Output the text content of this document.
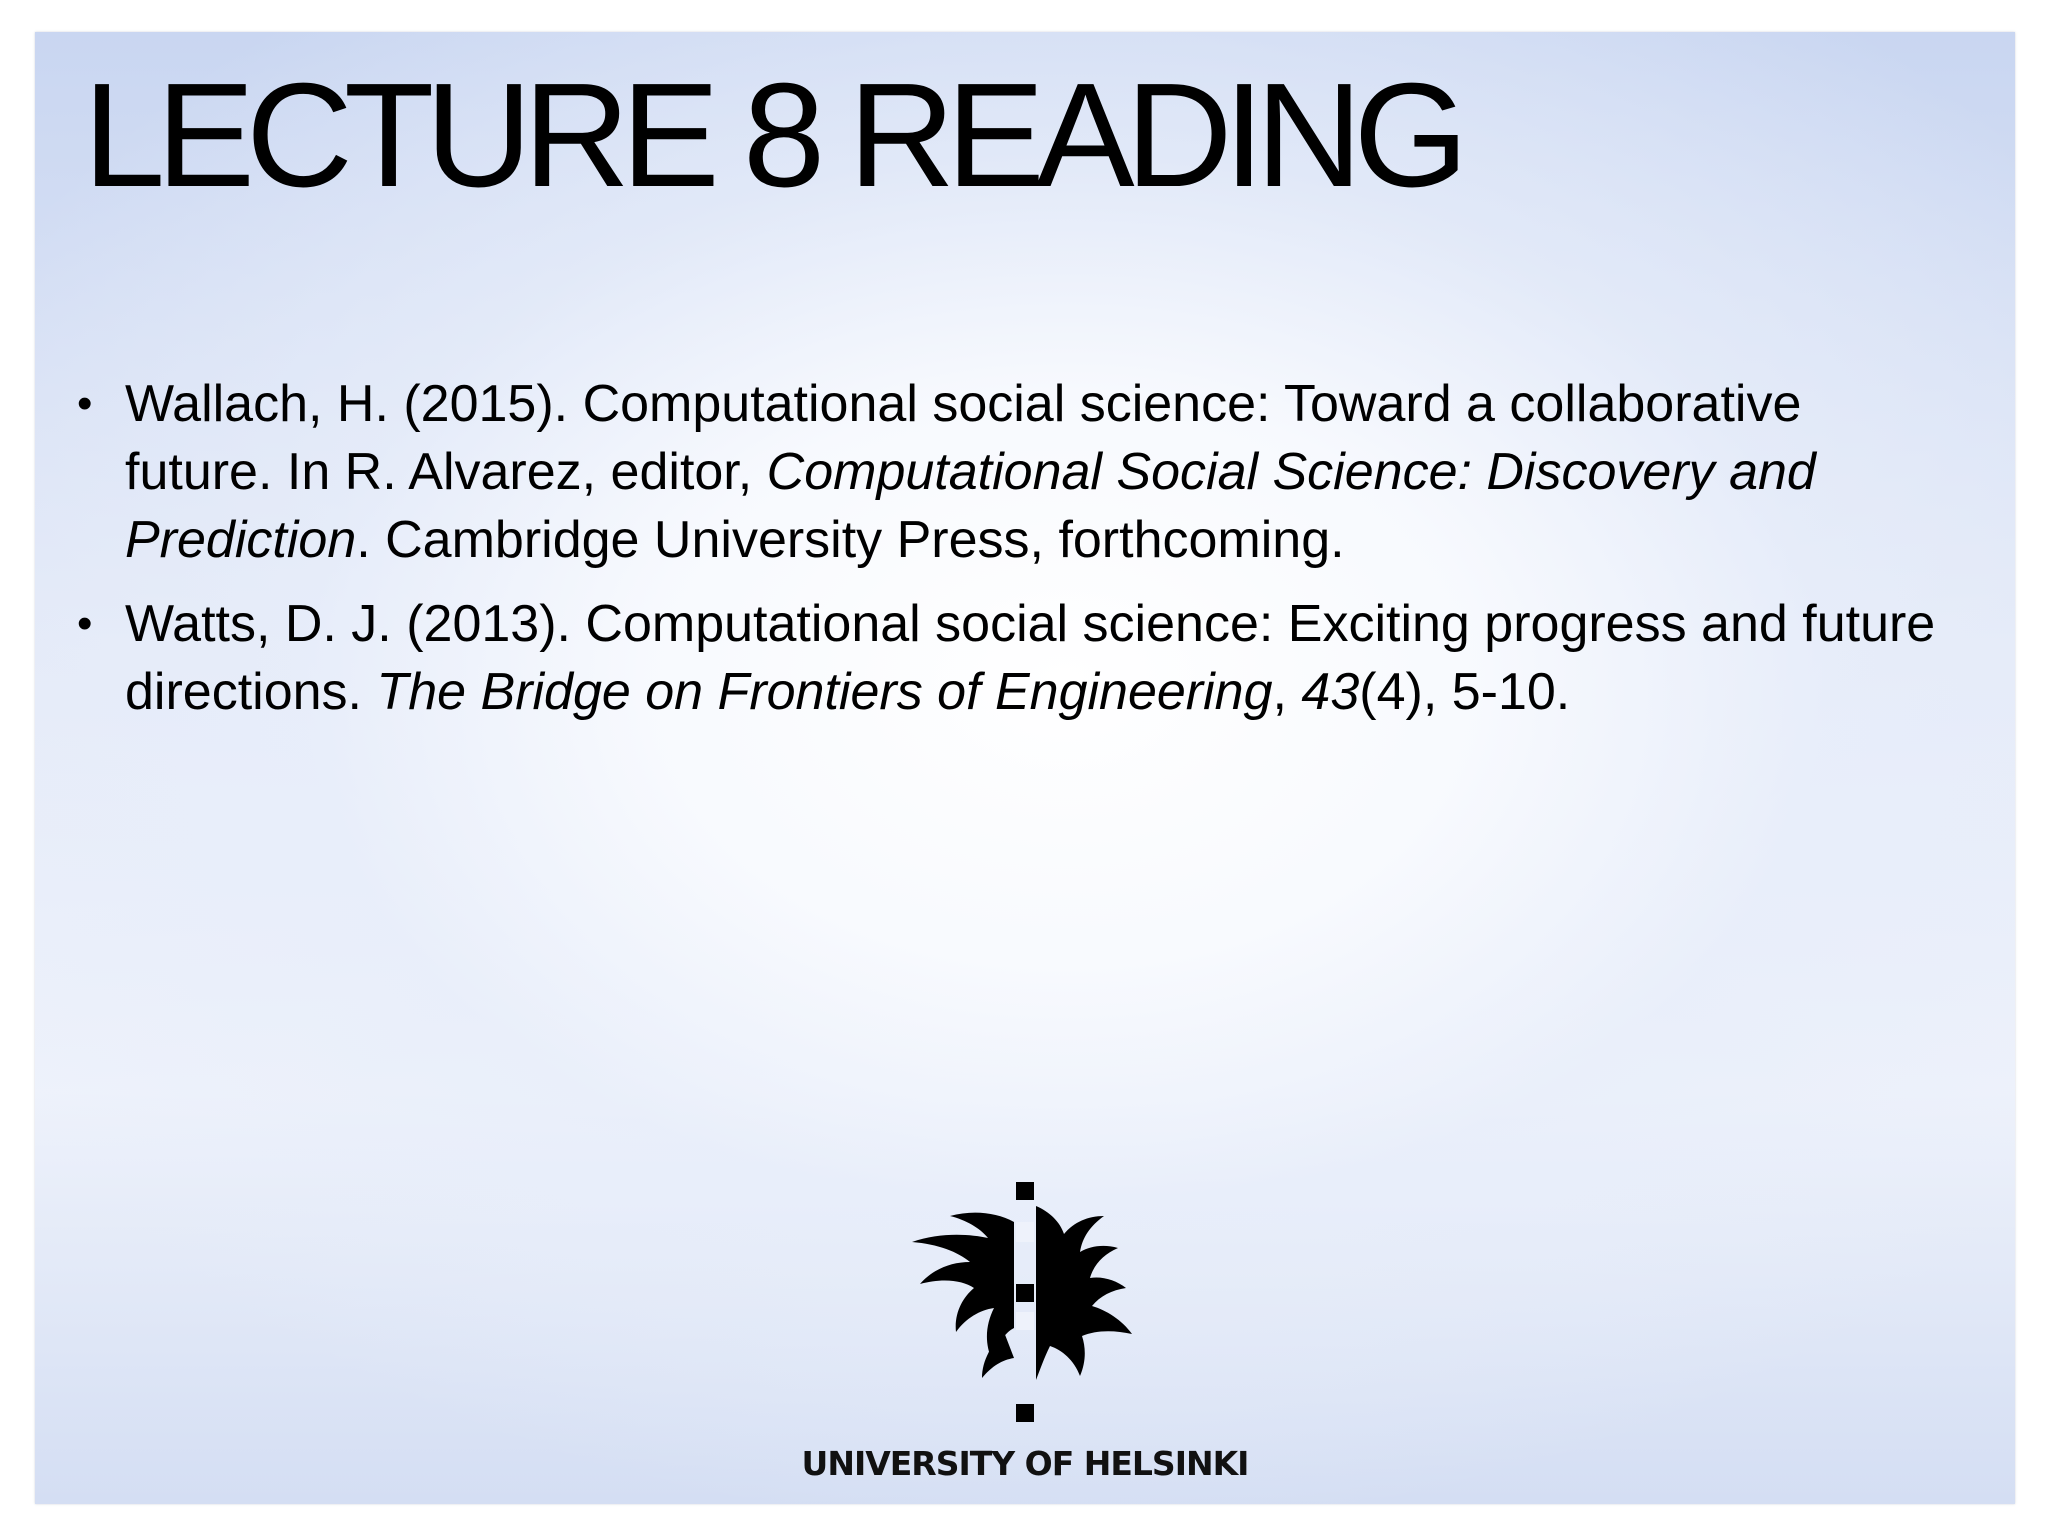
LECTURE 8 READING
• Wallach, H. (2015). Computational social science: Toward a collaborative future. In R. Alvarez, editor, Computational Social Science: Discovery and Prediction. Cambridge University Press, forthcoming.
• Watts, D. J. (2013). Computational social science: Exciting progress and future directions. The Bridge on Frontiers of Engineering, 43(4), 5-10.
UNIVERSITY OF HELSINKI
